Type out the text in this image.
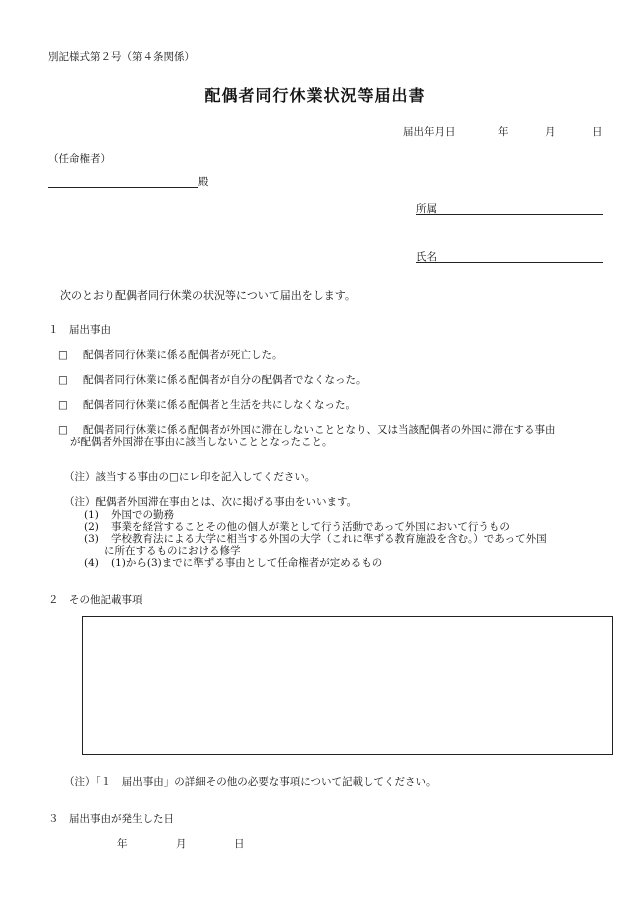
別記様式第２号（第４条関係）
配偶者同行休業状況等届出書
届出年月日	年	月	日
（任命権者）
殿
所属
氏名
次のとおり配偶者同行休業の状況等について届出をします。
１　届出事由
□ 配偶者同行休業に係る配偶者が死亡した。
□ 配偶者同行休業に係る配偶者が自分の配偶者でなくなった。
□ 配偶者同行休業に係る配偶者と生活を共にしなくなった。
□ 配偶者同行休業に係る配偶者が外国に滞在しないこととなり、又は当該配偶者の外国に滞在する事由
が配偶者外国滞在事由に該当しないこととなったこと。
（注）該当する事由の□にレ印を記入してください。
（注）配偶者外国滞在事由とは、次に掲げる事由をいいます。
(1) 外国での勤務
(2) 事業を経営することその他の個人が業として行う活動であって外国において行うもの
(3) 学校教育法による大学に相当する外国の大学（これに準ずる教育施設を含む。）であって外国
に所在するものにおける修学
(4) (1)から(3)までに準ずる事由として任命権者が定めるもの
２　その他記載事項
（注）「１　届出事由」の詳細その他の必要な事項について記載してください。
３　届出事由が発生した日
年	月	日
